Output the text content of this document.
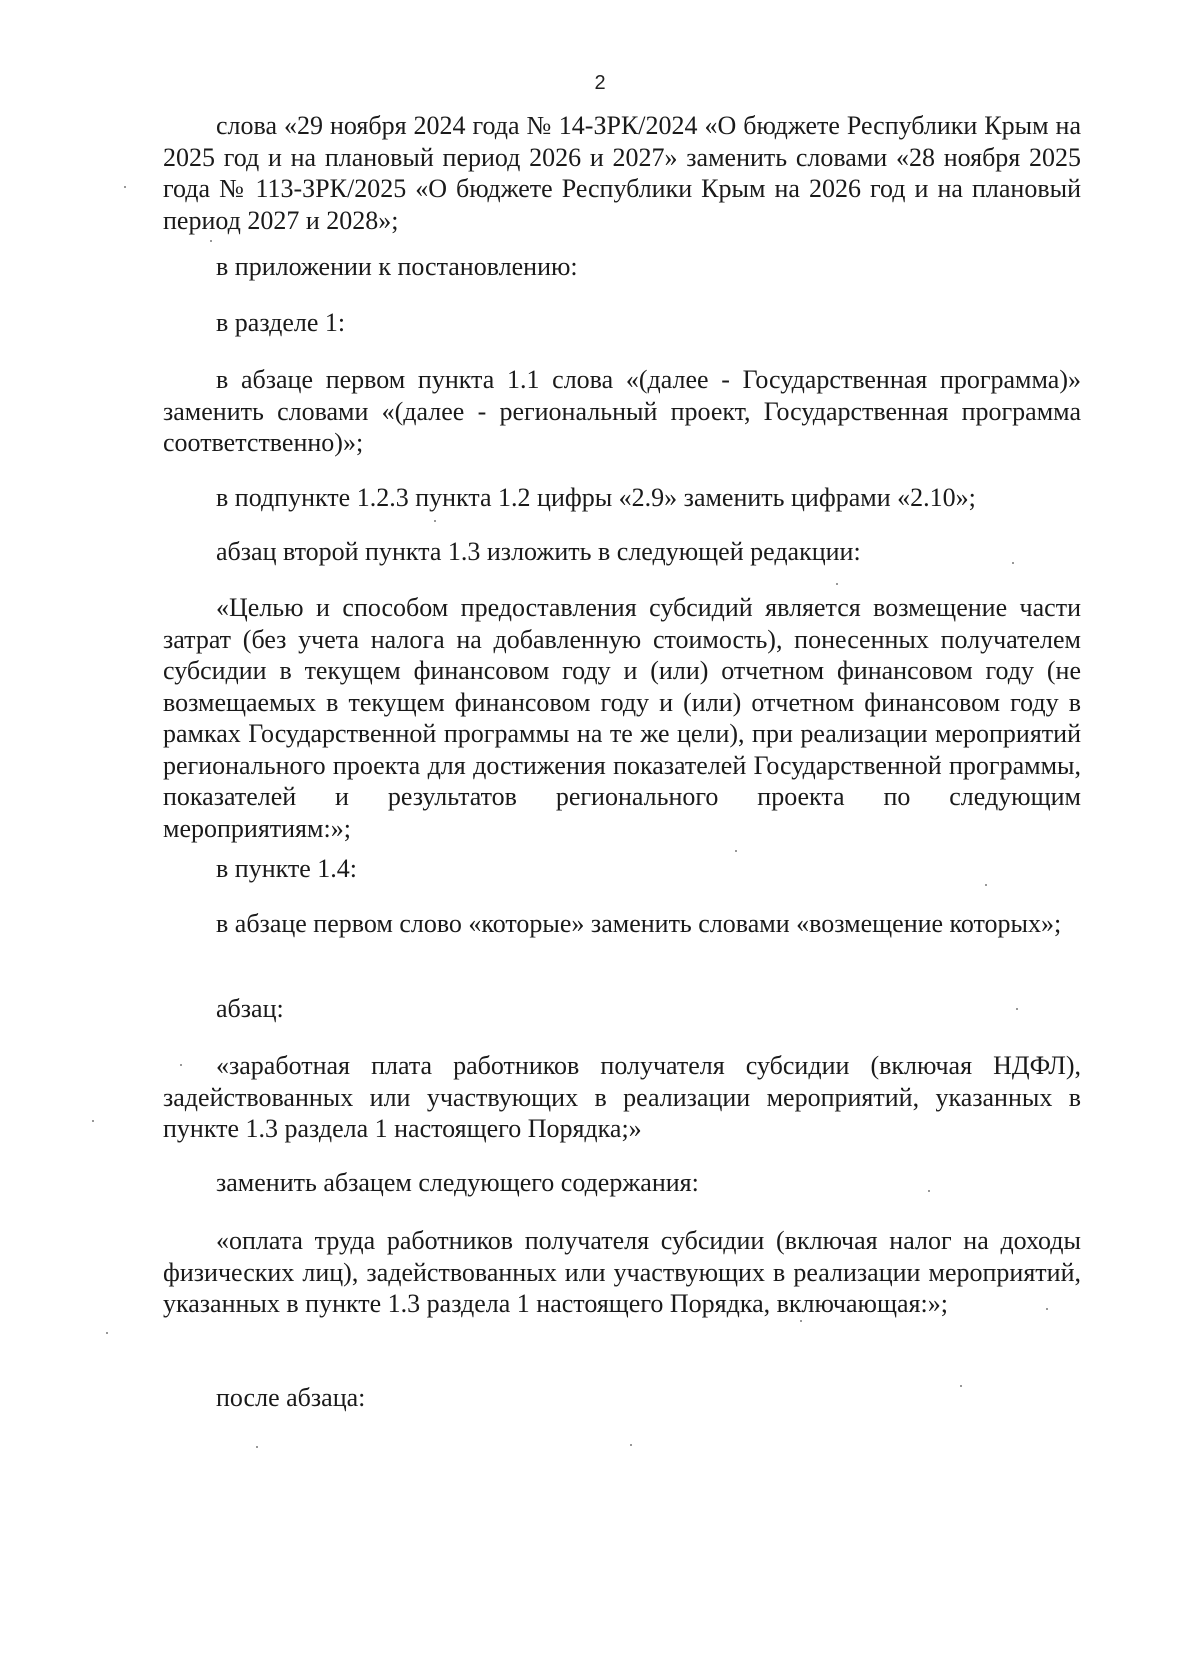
2

слова «29 ноября 2024 года № 14-ЗРК/2024 «О бюджете Республики Крым на 2025 год и на плановый период 2026 и 2027» заменить словами «28 ноября 2025 года № 113-ЗРК/2025 «О бюджете Республики Крым на 2026 год и на плановый период 2027 и 2028»;

в приложении к постановлению:

в разделе 1:

в абзаце первом пункта 1.1 слова «(далее - Государственная программа)» заменить словами «(далее - региональный проект, Государственная программа соответственно)»;

в подпункте 1.2.3 пункта 1.2 цифры «2.9» заменить цифрами «2.10»;

абзац второй пункта 1.3 изложить в следующей редакции:

«Целью и способом предоставления субсидий является возмещение части затрат (без учета налога на добавленную стоимость), понесенных получателем субсидии в текущем финансовом году и (или) отчетном финансовом году (не возмещаемых в текущем финансовом году и (или) отчетном финансовом году в рамках Государственной программы на те же цели), при реализации мероприятий регионального проекта для достижения показателей Государственной программы, показателей и результатов регионального проекта по следующим мероприятиям:»;

в пункте 1.4:

в абзаце первом слово «которые» заменить словами «возмещение которых»;

абзац:

«заработная плата работников получателя субсидии (включая НДФЛ), задействованных или участвующих в реализации мероприятий, указанных в пункте 1.3 раздела 1 настоящего Порядка;»

заменить абзацем следующего содержания:

«оплата труда работников получателя субсидии (включая налог на доходы физических лиц), задействованных или участвующих в реализации мероприятий, указанных в пункте 1.3 раздела 1 настоящего Порядка, включающая:»;

после абзаца:
